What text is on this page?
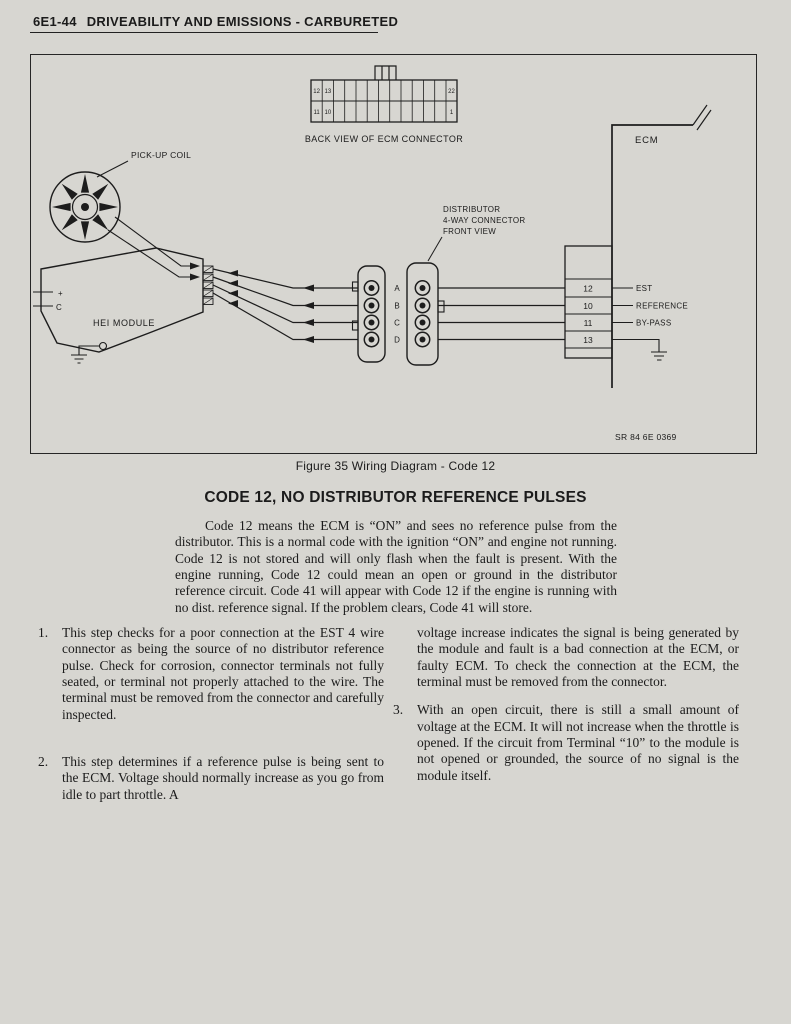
6E1-44 DRIVEABILITY AND EMISSIONS - CARBURETED
12 13	22
11 10	1
BACK VIEW OF ECM CONNECTOR	ECM
12
10
11
13
EST
REFERENCE
BY-PASS
A
B
C
D
DISTRIBUTOR
4-WAY CONNECTOR
FRONT VIEW
HEI MODULE
+
C
PICK-UP COIL
SR 84 6E 0369
Figure 35 Wiring Diagram - Code 12
CODE 12, NO DISTRIBUTOR REFERENCE PULSES

Code 12 means the ECM is “ON” and sees no reference pulse from the distributor. This is a normal code with the ignition “ON” and engine not running. Code 12 is not stored and will only flash when the fault is present. With the engine running, Code 12 could mean an open or ground in the distributor reference circuit. Code 41 will appear with Code 12 if the engine is running with no dist. reference signal. If the problem clears, Code 41 will store.

1.	This step checks for a poor connection at the EST 4 wire connector as being the source of no distributor reference pulse. Check for corrosion, connector terminals not fully seated, or terminal not properly attached to the wire. The terminal must be removed from the connector and carefully inspected.

2.	This step determines if a reference pulse is being sent to the ECM. Voltage should normally increase as you go from idle to part throttle. A

voltage increase indicates the signal is being generated by the module and fault is a bad connection at the ECM, or faulty ECM. To check the connection at the ECM, the terminal must be removed from the connector.

3.	With an open circuit, there is still a small amount of voltage at the ECM. It will not increase when the throttle is opened. If the circuit from Terminal “10” to the module is not opened or grounded, the source of no signal is the module itself.
